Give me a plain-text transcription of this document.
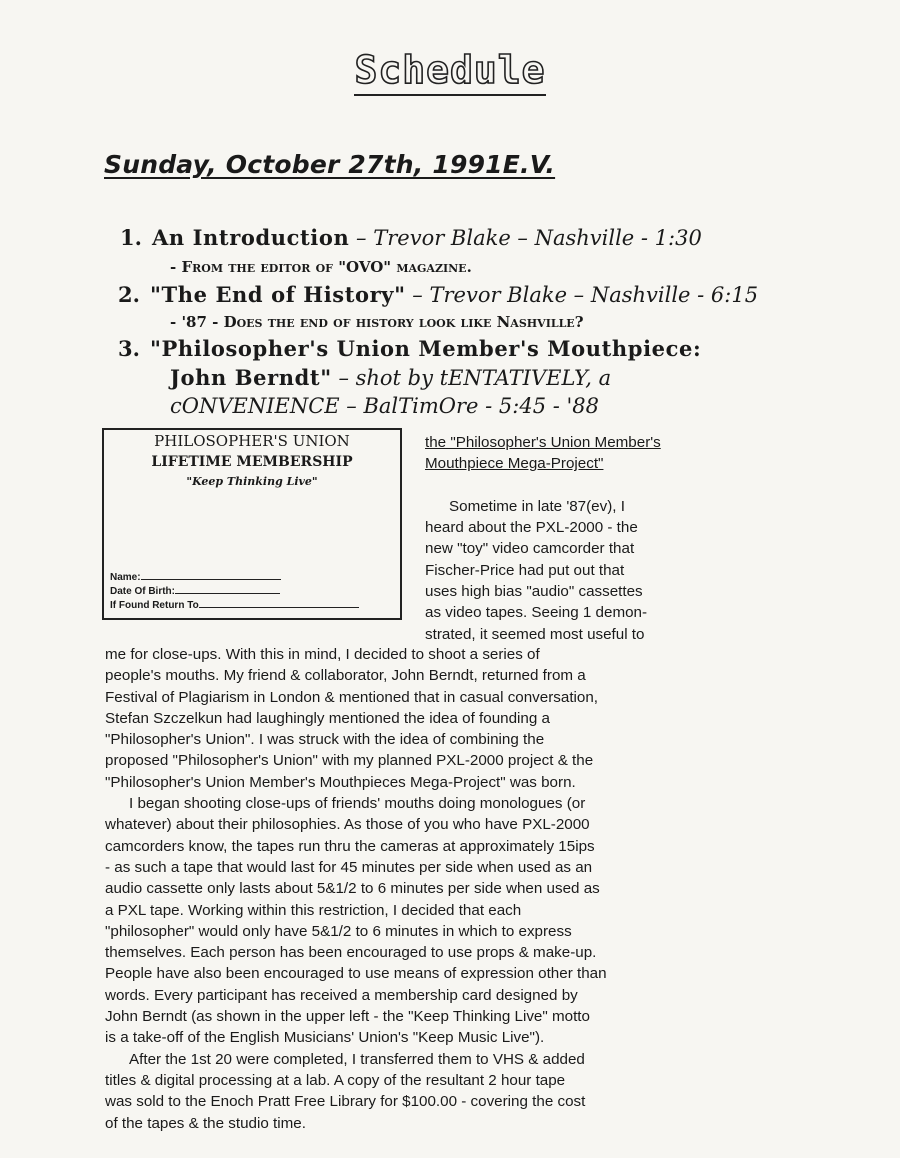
Schedule
Sunday, October 27th, 1991E.V.
1. An Introduction – Trevor Blake – Nashville - 1:30
- From the editor of "OVO" magazine.
2. "The End of History" – Trevor Blake – Nashville - 6:15
- '87 - Does the end of history look like Nashville?
3. "Philosopher's Union Member's Mouthpiece:
John Berndt" – shot by tENTATIVELY, a
cONVENIENCE – BalTimOre - 5:45 - '88
PHILOSOPHER'S UNION
LIFETIME MEMBERSHIP
"Keep Thinking Live"
Name:
Date Of Birth:
If Found Return To
the "Philosopher's Union Member's
Mouthpiece Mega-Project"
Sometime in late '87(ev), I
heard about the PXL-2000 - the
new "toy" video camcorder that
Fischer-Price had put out that
uses high bias "audio" cassettes
as video tapes. Seeing 1 demon-
strated, it seemed most useful to
me for close-ups. With this in mind, I decided to shoot a series of
people's mouths. My friend & collaborator, John Berndt, returned from a
Festival of Plagiarism in London & mentioned that in casual conversation,
Stefan Szczelkun had laughingly mentioned the idea of founding a
"Philosopher's Union". I was struck with the idea of combining the
proposed "Philosopher's Union" with my planned PXL-2000 project & the
"Philosopher's Union Member's Mouthpieces Mega-Project" was born.
I began shooting close-ups of friends' mouths doing monologues (or
whatever) about their philosophies. As those of you who have PXL-2000
camcorders know, the tapes run thru the cameras at approximately 15ips
- as such a tape that would last for 45 minutes per side when used as an
audio cassette only lasts about 5&1/2 to 6 minutes per side when used as
a PXL tape. Working within this restriction, I decided that each
"philosopher" would only have 5&1/2 to 6 minutes in which to express
themselves. Each person has been encouraged to use props & make-up.
People have also been encouraged to use means of expression other than
words. Every participant has received a membership card designed by
John Berndt (as shown in the upper left - the "Keep Thinking Live" motto
is a take-off of the English Musicians' Union's "Keep Music Live").
After the 1st 20 were completed, I transferred them to VHS & added
titles & digital processing at a lab. A copy of the resultant 2 hour tape
was sold to the Enoch Pratt Free Library for $100.00 - covering the cost
of the tapes & the studio time.
